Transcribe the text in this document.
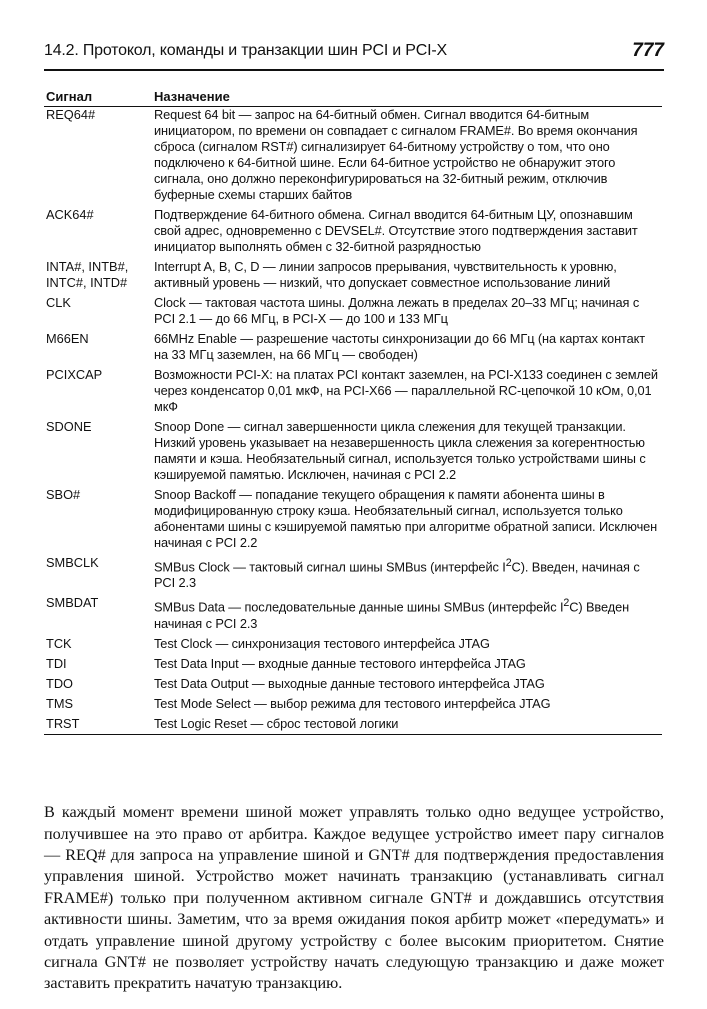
14.2. Протокол, команды и транзакции шин PCI и PCI-X	777
Сигнал	Назначение
REQ64#	Request 64 bit — запрос на 64-битный обмен. Сигнал вводится 64-битным инициатором, по времени он совпадает с сигналом FRAME#. Во время окончания сброса (сигналом RST#) сигнализирует 64-битному устройству о том, что оно подключено к 64-битной шине. Если 64-битное устройство не обнаружит этого сигнала, оно должно переконфигурироваться на 32-битный режим, отключив буферные схемы старших байтов
ACK64#	Подтверждение 64-битного обмена. Сигнал вводится 64-битным ЦУ, опознавшим свой адрес, одновременно с DEVSEL#. Отсутствие этого подтверждения заставит инициатор выполнять обмен с 32-битной разрядностью
INTA#, INTB#,
INTC#, INTD#	Interrupt A, B, C, D — линии запросов прерывания, чувствительность к уровню, активный уровень — низкий, что допускает совместное использование линий
CLK	Clock — тактовая частота шины. Должна лежать в пределах 20–33 МГц; начиная с PCI 2.1 — до 66 МГц, в PCI-X — до 100 и 133 МГц
M66EN	66MHz Enable — разрешение частоты синхронизации до 66 МГц (на картах контакт на 33 МГц заземлен, на 66 МГц — свободен)
PCIXCAP	Возможности PCI-X: на платах PCI контакт заземлен, на PCI-X133 соединен с землей через конденсатор 0,01 мкФ, на PCI-X66 — параллельной RC-цепочкой 10 кОм, 0,01 мкФ
SDONE	Snoop Done — сигнал завершенности цикла слежения для текущей транзакции. Низкий уровень указывает на незавершенность цикла слежения за когерентностью памяти и кэша. Необязательный сигнал, используется только устройствами шины с кэшируемой памятью. Исключен, начиная с PCI 2.2
SBO#	Snoop Backoff — попадание текущего обращения к памяти абонента шины в модифицированную строку кэша. Необязательный сигнал, используется только абонентами шины с кэшируемой памятью при алгоритме обратной записи. Исключен начиная с PCI 2.2
SMBCLK	SMBus Clock — тактовый сигнал шины SMBus (интерфейс $I^2C$). Введен, начиная с PCI 2.3
SMBDAT	SMBus Data — последовательные данные шины SMBus (интерфейс $I^2C$) Введен начиная с PCI 2.3
TCK	Test Clock — синхронизация тестового интерфейса JTAG
TDI	Test Data Input — входные данные тестового интерфейса JTAG
TDO	Test Data Output — выходные данные тестового интерфейса JTAG
TMS	Test Mode Select — выбор режима для тестового интерфейса JTAG
TRST	Test Logic Reset — сброс тестовой логики

В каждый момент времени шиной может управлять только одно ведущее устройство, получившее на это право от арбитра. Каждое ведущее устройство имеет пару сигналов — REQ# для запроса на управление шиной и GNT# для подтверждения предоставления управления шиной. Устройство может начинать транзакцию (устанавливать сигнал FRAME#) только при полученном активном сигнале GNT# и дождавшись отсутствия активности шины. Заметим, что за время ожидания покоя арбитр может «передумать» и отдать управление шиной другому устройству с более высоким приоритетом. Снятие сигнала GNT# не позволяет устройству начать следующую транзакцию и даже может заставить прекратить начатую транзакцию.
